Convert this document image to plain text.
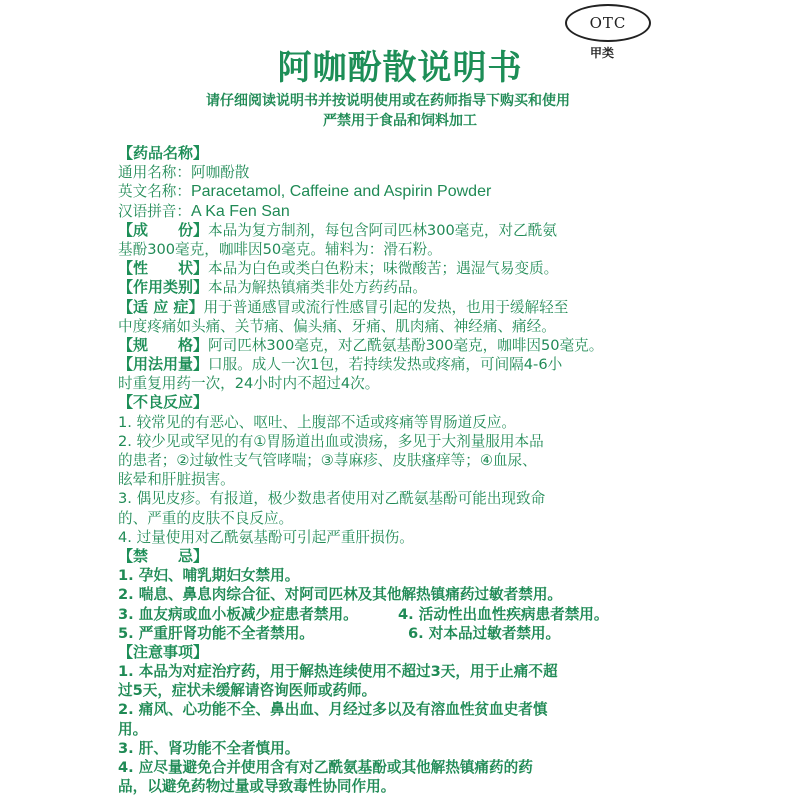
OTC
甲类
阿咖酚散说明书
请仔细阅读说明书并按说明使用或在药师指导下购买和使用
严禁用于食品和饲料加工
【药品名称】
通用名称：阿咖酚散
英文名称：Paracetamol, Caffeine and Aspirin Powder
汉语拼音：A Ka Fen San
【成　　份】本品为复方制剂，每包含阿司匹林300毫克，对乙酰氨
基酚300毫克，咖啡因50毫克。辅料为：滑石粉。
【性　　状】本品为白色或类白色粉末；味微酸苦；遇湿气易变质。
【作用类别】本品为解热镇痛类非处方药药品。
【适 应 症】用于普通感冒或流行性感冒引起的发热，也用于缓解轻至
中度疼痛如头痛、关节痛、偏头痛、牙痛、肌肉痛、神经痛、痛经。
【规　　格】阿司匹林300毫克，对乙酰氨基酚300毫克，咖啡因50毫克。
【用法用量】口服。成人一次1包，若持续发热或疼痛，可间隔4-6小
时重复用药一次，24小时内不超过4次。
【不良反应】
1. 较常见的有恶心、呕吐、上腹部不适或疼痛等胃肠道反应。
2. 较少见或罕见的有①胃肠道出血或溃疡，多见于大剂量服用本品
的患者；②过敏性支气管哮喘；③荨麻疹、皮肤瘙痒等；④血尿、
眩晕和肝脏损害。
3. 偶见皮疹。有报道，极少数患者使用对乙酰氨基酚可能出现致命
的、严重的皮肤不良反应。
4. 过量使用对乙酰氨基酚可引起严重肝损伤。
【禁　　忌】
1. 孕妇、哺乳期妇女禁用。
2. 喘息、鼻息肉综合征、对阿司匹林及其他解热镇痛药过敏者禁用。
3. 血友病或血小板减少症患者禁用。	4. 活动性出血性疾病患者禁用。
5. 严重肝肾功能不全者禁用。	6. 对本品过敏者禁用。
【注意事项】
1. 本品为对症治疗药，用于解热连续使用不超过3天，用于止痛不超
过5天，症状未缓解请咨询医师或药师。
2. 痛风、心功能不全、鼻出血、月经过多以及有溶血性贫血史者慎
用。
3. 肝、肾功能不全者慎用。
4. 应尽量避免合并使用含有对乙酰氨基酚或其他解热镇痛药的药
品，以避免药物过量或导致毒性协同作用。
